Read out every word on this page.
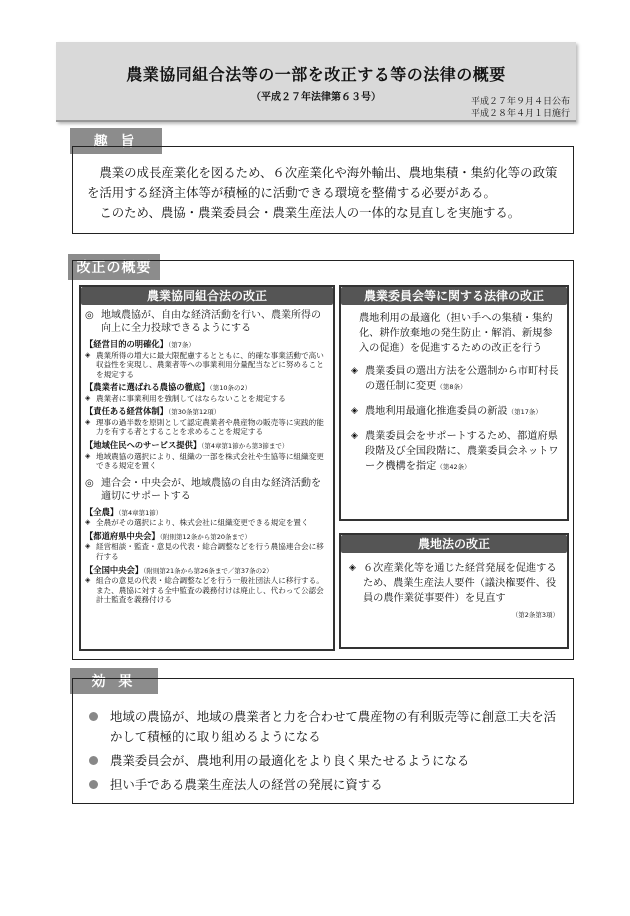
農業協同組合法等の一部を改正する等の法律の概要
（平成２７年法律第６３号）	平成２７年９月４日公布
平成２８年４月１日施行
趣 旨

農業の成長産業化を図るため、６次産業化や海外輸出、農地集積・集約化等の政策を活用する経済主体等が積極的に活動できる環境を整備する必要がある。

このため、農協・農業委員会・農業生産法人の一体的な見直しを実施する。

改正の概要
農業協同組合法の改正
◎ 地域農協が、自由な経済活動を行い、農業所得の向上に全力投球できるようにする
【経営目的の明確化】（第7条）
◈ 農業所得の増大に最大限配慮するとともに、的確な事業活動で高い収益性を実現し、農業者等への事業利用分量配当などに努めることを規定する
【農業者に選ばれる農協の徹底】（第10条の2）
◈ 農業者に事業利用を強制してはならないことを規定する
【責任ある経営体制】（第30条第12項）
◈ 理事の過半数を原則として認定農業者や農産物の販売等に実践的能力を有する者とすることを求めることを規定する
【地域住民へのサービス提供】（第4章第1節から第3節まで）
◈ 地域農協の選択により、組織の一部を株式会社や生協等に組織変更できる規定を置く
◎ 連合会・中央会が、地域農協の自由な経済活動を適切にサポートする
【全農】（第4章第1節）
◈ 全農がその選択により、株式会社に組織変更できる規定を置く
【都道府県中央会】（附則第12条から第20条まで）
◈ 経営相談・監査・意見の代表・総合調整などを行う農協連合会に移行する
【全国中央会】（附則第21条から第26条まで／第37条の2）
◈ 組合の意見の代表・総合調整などを行う一般社団法人に移行する。また、農協に対する全中監査の義務付けは廃止し、代わって公認会計士監査を義務付ける
農業委員会等に関する法律の改正
農地利用の最適化（担い手への集積・集約化、耕作放棄地の発生防止・解消、新規参入の促進）を促進するための改正を行う
◈ 農業委員の選出方法を公選制から市町村長の選任制に変更（第8条）
◈ 農地利用最適化推進委員の新設（第17条）
◈ 農業委員会をサポートするため、都道府県段階及び全国段階に、農業委員会ネットワーク機構を指定（第42条）
農地法の改正
◈ ６次産業化等を通じた経営発展を促進するため、農業生産法人要件（議決権要件、役員の農作業従事要件）を見直す
（第2条第3項）
効 果
地域の農協が、地域の農業者と力を合わせて農産物の有利販売等に創意工夫を活かして積極的に取り組めるようになる
農業委員会が、農地利用の最適化をより良く果たせるようになる
担い手である農業生産法人の経営の発展に資する
